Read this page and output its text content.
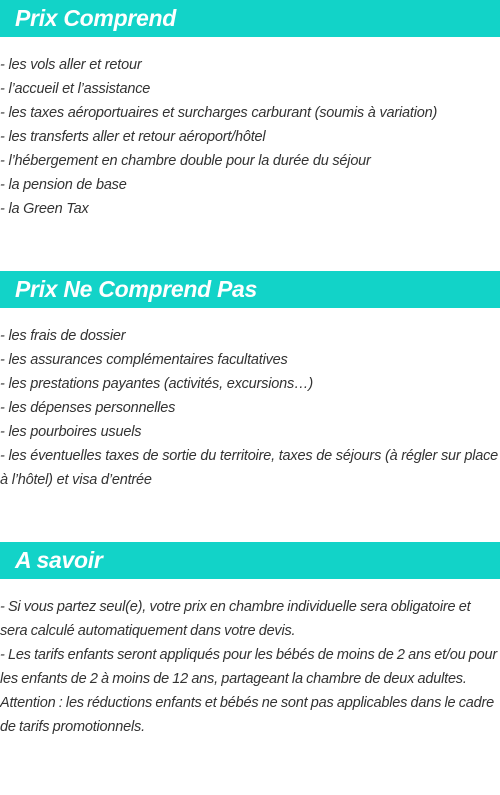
Prix Comprend
- les vols aller et retour
- l’accueil et l’assistance
- les taxes aéroportuaires et surcharges carburant (soumis à variation)
- les transferts aller et retour aéroport/hôtel
- l’hébergement en chambre double pour la durée du séjour
- la pension de base
- la Green Tax
Prix Ne Comprend Pas
- les frais de dossier
- les assurances complémentaires facultatives
- les prestations payantes (activités, excursions…)
- les dépenses personnelles
- les pourboires usuels
- les éventuelles taxes de sortie du territoire, taxes de séjours (à régler sur place à l’hôtel) et visa d’entrée
A savoir

- Si vous partez seul(e), votre prix en chambre individuelle sera obligatoire et sera calculé automatiquement dans votre devis.

- Les tarifs enfants seront appliqués pour les bébés de moins de 2 ans et/ou pour les enfants de 2 à moins de 12 ans, partageant la chambre de deux adultes.

Attention : les réductions enfants et bébés ne sont pas applicables dans le cadre de tarifs promotionnels.
